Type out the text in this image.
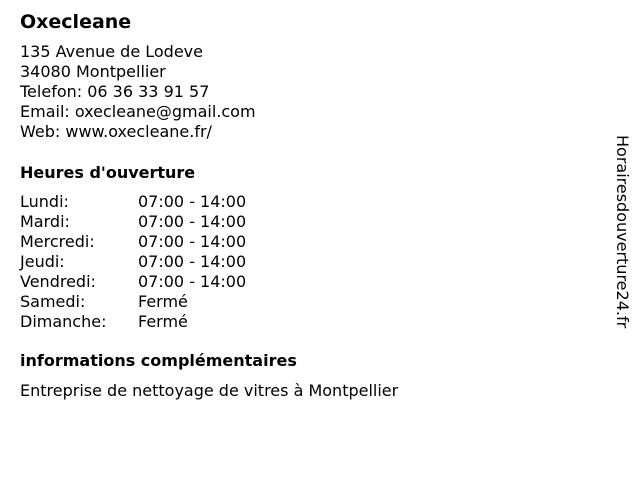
Oxecleane
135 Avenue de Lodeve
34080 Montpellier
Telefon: 06 36 33 91 57
Email: oxecleane@gmail.com
Web: www.oxecleane.fr/
Heures d'ouverture
Lundi:	07:00 - 14:00
Mardi:	07:00 - 14:00
Mercredi:	07:00 - 14:00
Jeudi:	07:00 - 14:00
Vendredi:	07:00 - 14:00
Samedi:	Fermé
Dimanche:	Fermé
informations complémentaires
Entreprise de nettoyage de vitres à Montpellier
Horairesdouverture24.fr
